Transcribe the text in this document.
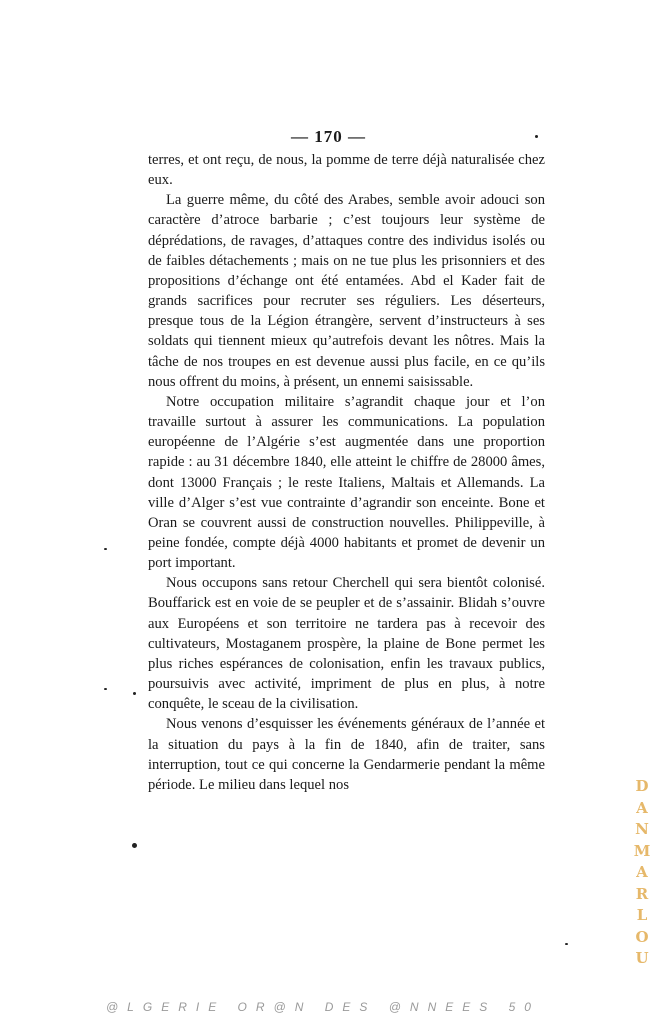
— 170 —

terres, et ont reçu, de nous, la pomme de terre déjà naturalisée chez eux.

La guerre même, du côté des Arabes, semble avoir adouci son caractère d’atroce barbarie ; c’est toujours leur système de déprédations, de ravages, d’attaques contre des individus isolés ou de faibles détachements ; mais on ne tue plus les prisonniers et des propositions d’échange ont été entamées. Abd el Kader fait de grands sacrifices pour recruter ses réguliers. Les déserteurs, presque tous de la Légion étrangère, servent d’instructeurs à ses soldats qui tiennent mieux qu’autrefois devant les nôtres. Mais la tâche de nos troupes en est devenue aussi plus facile, en ce qu’ils nous offrent du moins, à présent, un ennemi saisissable.

Notre occupation militaire s’agrandit chaque jour et l’on travaille surtout à assurer les communications. La population européenne de l’Algérie s’est augmentée dans une proportion rapide : au 31 décembre 1840, elle atteint le chiffre de 28000 âmes, dont 13000 Français ; le reste Italiens, Maltais et Allemands. La ville d’Alger s’est vue contrainte d’agrandir son enceinte. Bone et Oran se couvrent aussi de construction nouvelles. Philippeville, à peine fondée, compte déjà 4000 habitants et promet de devenir un port important.

Nous occupons sans retour Cherchell qui sera bientôt colonisé. Bouffarick est en voie de se peupler et de s’assainir. Blidah s’ouvre aux Européens et son territoire ne tardera pas à recevoir des cultivateurs, Mostaganem prospère, la plaine de Bone permet les plus riches espérances de colonisation, enfin les travaux publics, poursuivis avec activité, impriment de plus en plus, à notre conquête, le sceau de la civilisation.

Nous venons d’esquisser les événements généraux de l’année et la situation du pays à la fin de 1840, afin de traiter, sans interruption, tout ce qui concerne la Gendarmerie pendant la même période. Le milieu dans lequel nos	DANMARLOU
@LGERIE OR@N DES @NNEES 50
